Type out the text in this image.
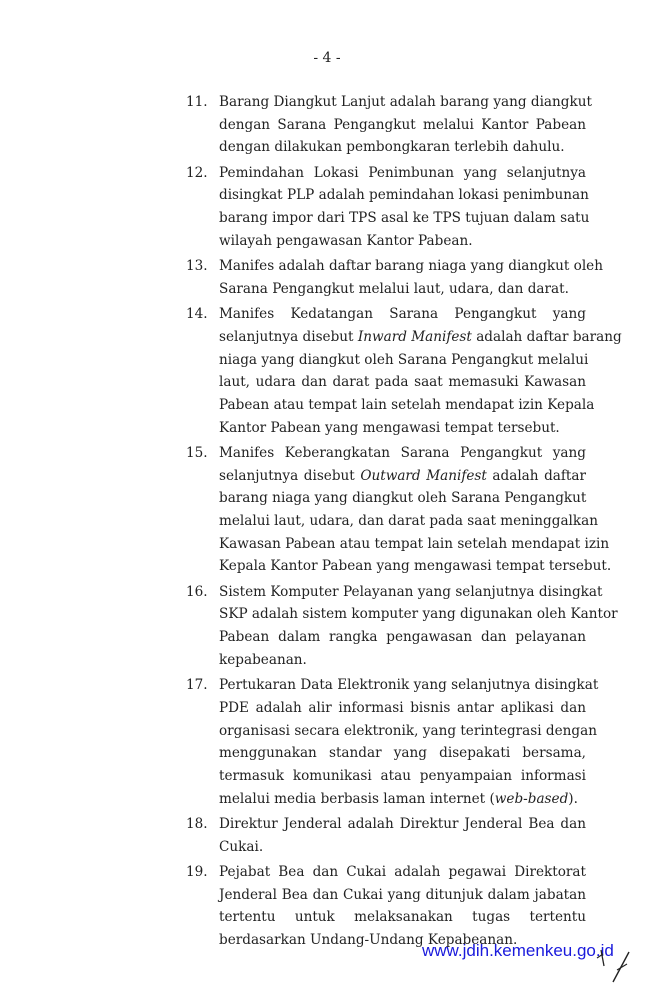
- 4 -
11. Barang Diangkut Lanjut adalah barang yang diangkut
dengan Sarana Pengangkut melalui Kantor Pabean
dengan dilakukan pembongkaran terlebih dahulu.
12. Pemindahan Lokasi Penimbunan yang selanjutnya
disingkat PLP adalah pemindahan lokasi penimbunan
barang impor dari TPS asal ke TPS tujuan dalam satu
wilayah pengawasan Kantor Pabean.
13. Manifes adalah daftar barang niaga yang diangkut oleh
Sarana Pengangkut melalui laut, udara, dan darat.
14. Manifes Kedatangan Sarana Pengangkut yang
selanjutnya disebut Inward Manifest adalah daftar barang
niaga yang diangkut oleh Sarana Pengangkut melalui
laut, udara dan darat pada saat memasuki Kawasan
Pabean atau tempat lain setelah mendapat izin Kepala
Kantor Pabean yang mengawasi tempat tersebut.
15. Manifes Keberangkatan Sarana Pengangkut yang
selanjutnya disebut Outward Manifest adalah daftar
barang niaga yang diangkut oleh Sarana Pengangkut
melalui laut, udara, dan darat pada saat meninggalkan
Kawasan Pabean atau tempat lain setelah mendapat izin
Kepala Kantor Pabean yang mengawasi tempat tersebut.
16. Sistem Komputer Pelayanan yang selanjutnya disingkat
SKP adalah sistem komputer yang digunakan oleh Kantor
Pabean dalam rangka pengawasan dan pelayanan
kepabeanan.
17. Pertukaran Data Elektronik yang selanjutnya disingkat
PDE adalah alir informasi bisnis antar aplikasi dan
organisasi secara elektronik, yang terintegrasi dengan
menggunakan standar yang disepakati bersama,
termasuk komunikasi atau penyampaian informasi
melalui media berbasis laman internet (web-based).
18. Direktur Jenderal adalah Direktur Jenderal Bea dan
Cukai.
19. Pejabat Bea dan Cukai adalah pegawai Direktorat
Jenderal Bea dan Cukai yang ditunjuk dalam jabatan
tertentu untuk melaksanakan tugas tertentu
berdasarkan Undang-Undang Kepabeanan.
www.jdih.kemenkeu.go.id
